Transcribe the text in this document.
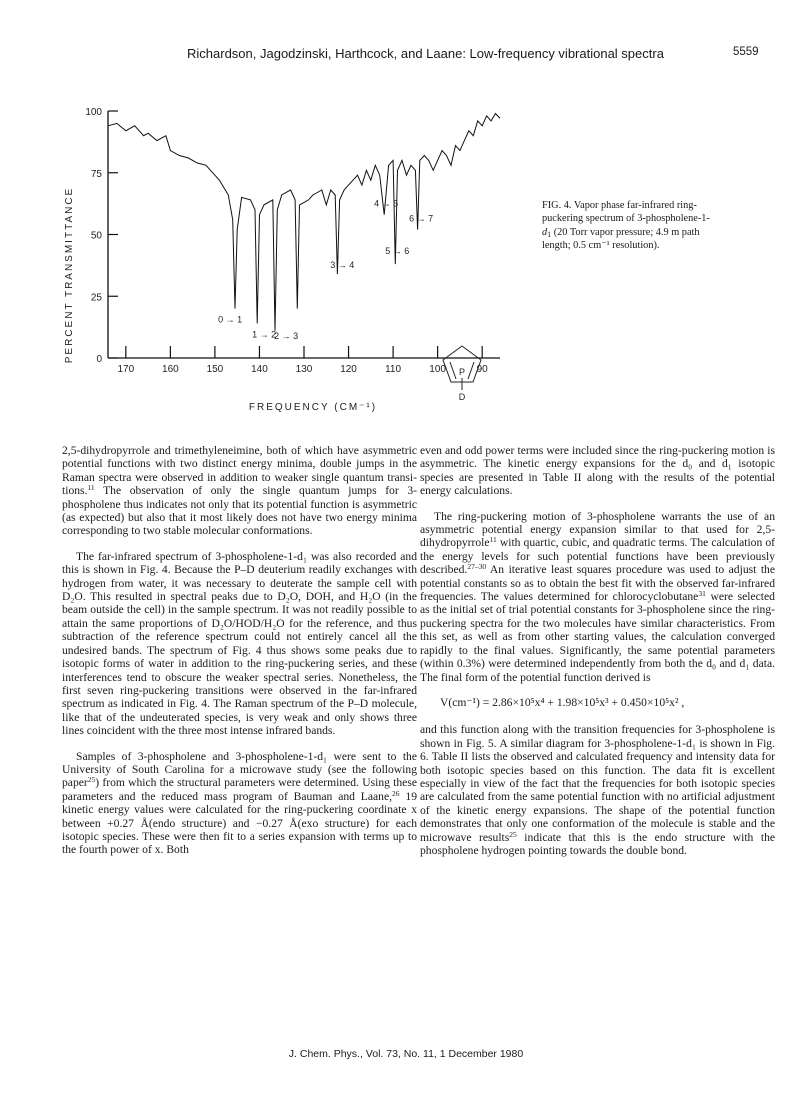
Richardson, Jagodzinski, Harthcock, and Laane: Low-frequency vibrational spectra	5559
100
75
50
25
0
170	160	150	140	130	120	110	100	90
0 → 1
1 → 2
2 → 3
3 → 4
4 → 5
5 → 6
6 → 7
P
D
PERCENT TRANSMITTANCE
FREQUENCY (CM⁻¹)
FIG. 4. Vapor phase far-infrared ring-puckering spectrum of $3-phospholene-1-d_1$ (20 Torr vapor pressure; 4.9 m path length; 0.5 cm⁻¹ resolution).

2,5-dihydropyrrole and trimethyleneimine, both of which have asymmetric potential functions with two distinct energy minima, double jumps in the Raman spectra were observed in addition to weaker single quantum transitions.$^{11}$ The observation of only the single quantum jumps for 3-phospholene thus indicates not only that its potential function is asymmetric (as expected) but also that it most likely does not have two energy minima corresponding to two stable molecular conformations.

The far-infrared spectrum of 3-phospholene-1-d₁ was also recorded and this is shown in Fig. 4. Because the P–D deuterium readily exchanges with hydrogen from water, it was necessary to deuterate the sample cell with D₂O. This resulted in spectral peaks due to D₂O, DOH, and H₂O (in the beam outside the cell) in the sample spectrum. It was not readily possible to attain the same proportions of D₂O/HOD/H₂O for the reference, and thus subtraction of the reference spectrum could not entirely cancel all the undesired bands. The spectrum of Fig. 4 thus shows some peaks due to isotopic forms of water in addition to the ring-puckering series, and these interferences tend to obscure the weaker spectral series. Nonetheless, the first seven ring-puckering transitions were observed in the far-infrared spectrum as indicated in Fig. 4. The Raman spectrum of the P–D molecule, like that of the undeuterated species, is very weak and only shows three lines coincident with the three most intense infrared bands.

Samples of 3-phospholene and 3-phospholene-1-d₁ were sent to the University of South Carolina for a microwave study (see the following paper$^{25}$) from which the structural parameters were determined. Using these parameters and the reduced mass program of Bauman and Laane,$^{26}$ 19 kinetic energy values were calculated for the ring-puckering coordinate x between +0.27 Å(endo structure) and −0.27 Å(exo structure) for each isotopic species. These were then fit to a series expansion with terms up to the fourth power of x. Both

even and odd power terms were included since the ring-puckering motion is asymmetric. The kinetic energy expansions for the d₀ and d₁ isotopic species are presented in Table II along with the results of the potential energy calculations.

The ring-puckering motion of 3-phospholene warrants the use of an asymmetric potential energy expansion similar to that used for 2,5-dihydropyrrole$^{11}$ with quartic, cubic, and quadratic terms. The calculation of the energy levels for such potential functions have been previously described.$^{27-30}$ An iterative least squares procedure was used to adjust the potential constants so as to obtain the best fit with the observed far-infrared frequencies. The values determined for chlorocyclobutane$^{31}$ were selected as the initial set of trial potential constants for 3-phospholene since the ring-puckering spectra for the two molecules have similar characteristics. From this set, as well as from other starting values, the calculation converged rapidly to the final values. Significantly, the same potential parameters (within 0.3%) were determined independently from both the d₀ and d₁ data. The final form of the potential function derived is

V(cm⁻¹) = 2.86×10⁵x⁴ + 1.98×10⁵x³ + 0.450×10⁵x² ,

and this function along with the transition frequencies for 3-phospholene is shown in Fig. 5. A similar diagram for 3-phospholene-1-d₁ is shown in Fig. 6. Table II lists the observed and calculated frequency and intensity data for both isotopic species based on this function. The data fit is excellent especially in view of the fact that the frequencies for both isotopic species are calculated from the same potential function with no artificial adjustment of the kinetic energy expansions. The shape of the potential function demonstrates that only one conformation of the molecule is stable and the microwave results$^{25}$ indicate that this is the endo structure with the phospholene hydrogen pointing towards the double bond.

J. Chem. Phys., Vol. 73, No. 11, 1 December 1980
